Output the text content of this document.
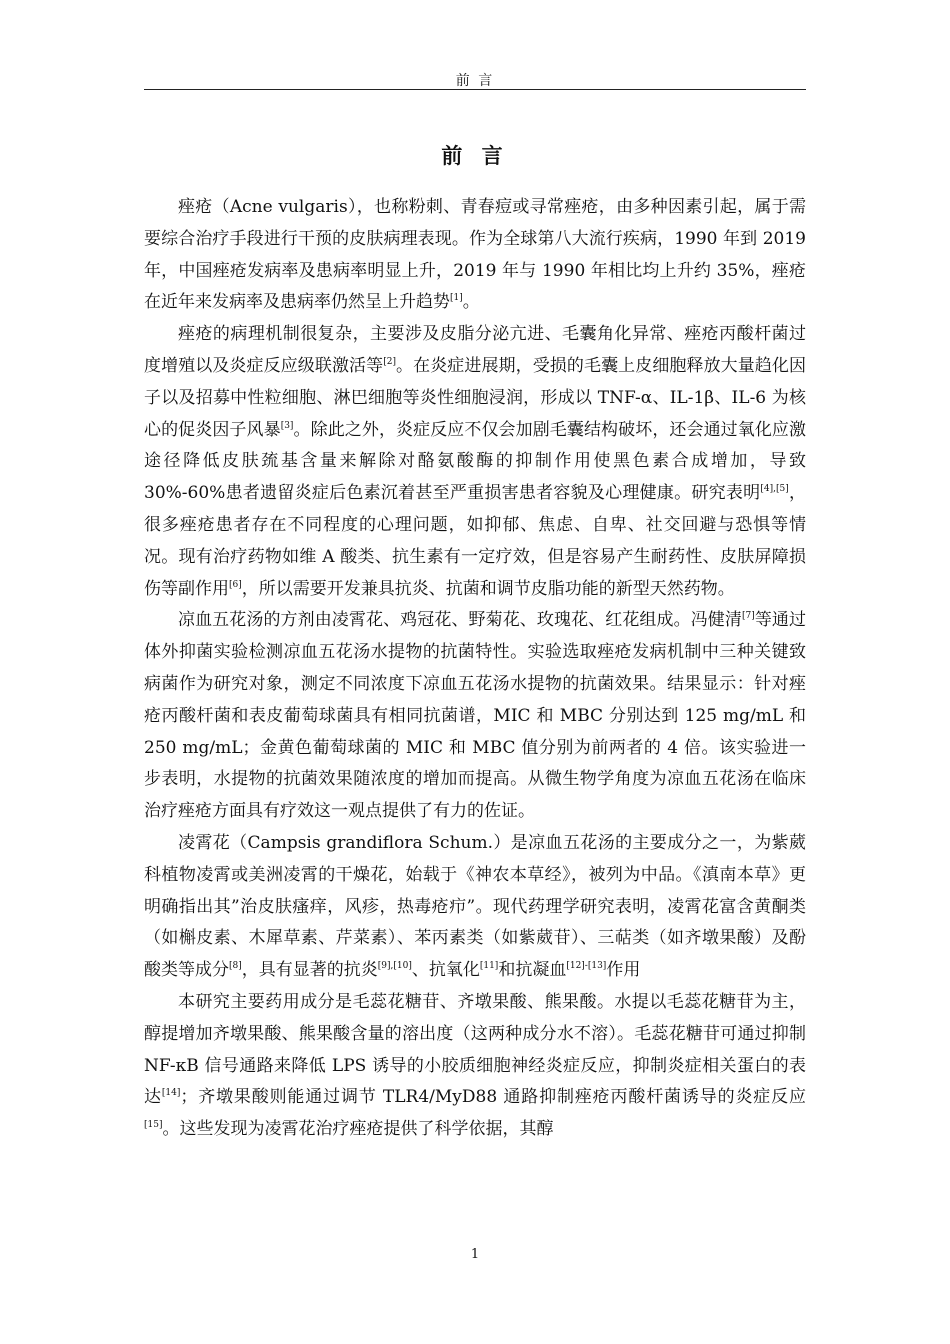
前 言
前 言

痤疮（Acne vulgaris），也称粉刺、青春痘或寻常痤疮，由多种因素引起，属于需要综合治疗手段进行干预的皮肤病理表现。作为全球第八大流行疾病，1990 年到 2019 年，中国痤疮发病率及患病率明显上升，2019 年与 1990 年相比均上升约 35%，痤疮在近年来发病率及患病率仍然呈上升趋势[1]。

痤疮的病理机制很复杂，主要涉及皮脂分泌亢进、毛囊角化异常、痤疮丙酸杆菌过度增殖以及炎症反应级联激活等[2]。在炎症进展期，受损的毛囊上皮细胞释放大量趋化因子以及招募中性粒细胞、淋巴细胞等炎性细胞浸润，形成以 TNF-α、IL-1β、IL-6 为核心的促炎因子风暴[3]。除此之外，炎症反应不仅会加剧毛囊结构破坏，还会通过氧化应激途径降低皮肤巯基含量来解除对酪氨酸酶的抑制作用使黑色素合成增加，导致 30%-60%患者遗留炎症后色素沉着甚至严重损害患者容貌及心理健康。研究表明[4],[5]，很多痤疮患者存在不同程度的心理问题，如抑郁、焦虑、自卑、社交回避与恐惧等情况。现有治疗药物如维 A 酸类、抗生素有一定疗效，但是容易产生耐药性、皮肤屏障损伤等副作用[6]，所以需要开发兼具抗炎、抗菌和调节皮脂功能的新型天然药物。

凉血五花汤的方剂由凌霄花、鸡冠花、野菊花、玫瑰花、红花组成。冯健清[7]等通过体外抑菌实验检测凉血五花汤水提物的抗菌特性。实验选取痤疮发病机制中三种关键致病菌作为研究对象，测定不同浓度下凉血五花汤水提物的抗菌效果。结果显示：针对痤疮丙酸杆菌和表皮葡萄球菌具有相同抗菌谱，MIC 和 MBC 分别达到 125 mg/mL 和 250 mg/mL；金黄色葡萄球菌的 MIC 和 MBC 值分别为前两者的 4 倍。该实验进一步表明，水提物的抗菌效果随浓度的增加而提高。从微生物学角度为凉血五花汤在临床治疗痤疮方面具有疗效这一观点提供了有力的佐证。

凌霄花（Campsis grandiflora Schum.）是凉血五花汤的主要成分之一，为紫葳科植物凌霄或美洲凌霄的干燥花，始载于《神农本草经》，被列为中品。《滇南本草》更明确指出其”治皮肤瘙痒，风疹，热毒疮疖”。现代药理学研究表明，凌霄花富含黄酮类（如槲皮素、木犀草素、芹菜素）、苯丙素类（如紫葳苷）、三萜类（如齐墩果酸）及酚酸类等成分[8]，具有显著的抗炎[9],[10]、抗氧化[11]和抗凝血[12]-[13]作用

本研究主要药用成分是毛蕊花糖苷、齐墩果酸、熊果酸。水提以毛蕊花糖苷为主，醇提增加齐墩果酸、熊果酸含量的溶出度（这两种成分水不溶）。毛蕊花糖苷可通过抑制 NF-κB 信号通路来降低 LPS 诱导的小胶质细胞神经炎症反应，抑制炎症相关蛋白的表达[14]；齐墩果酸则能通过调节 TLR4/MyD88 通路抑制痤疮丙酸杆菌诱导的炎症反应[15]。这些发现为凌霄花治疗痤疮提供了科学依据，其醇

1
